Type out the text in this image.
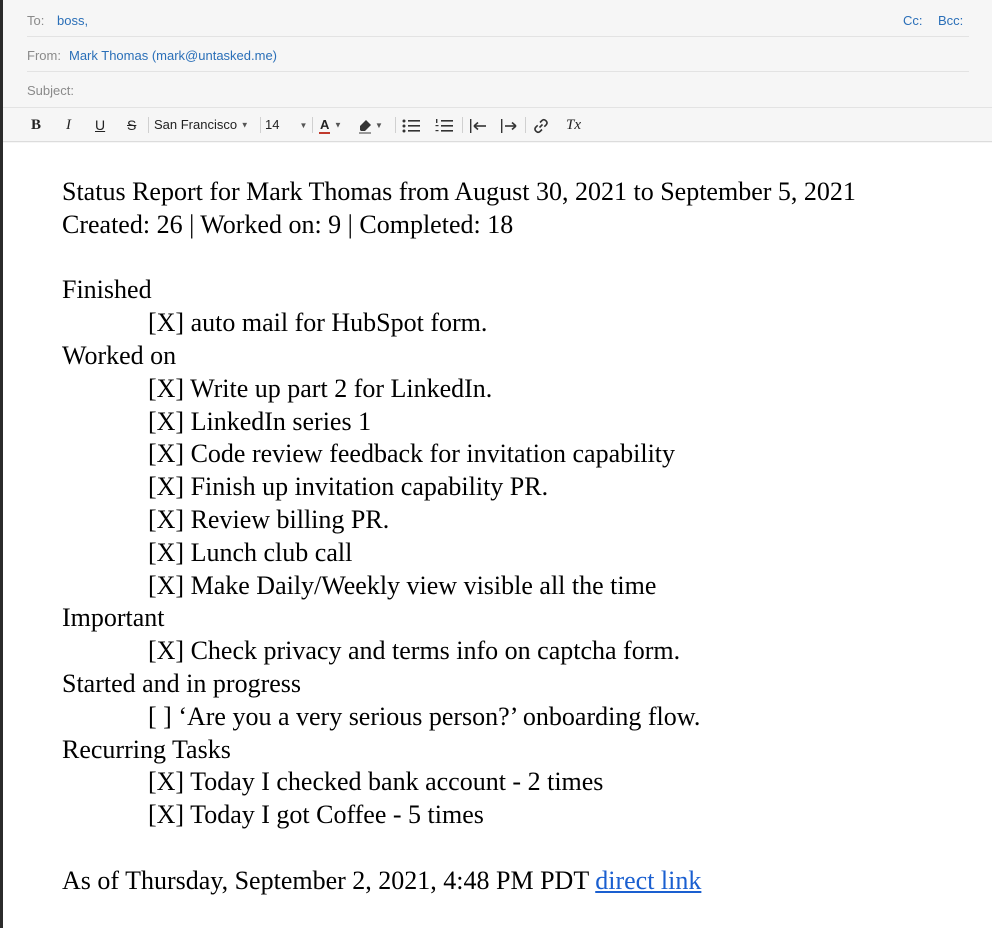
To: boss,	Cc: Bcc:
From: Mark Thomas (mark@untasked.me)
Subject:
B I U S San Francisco ▼ 14	▼ A ▼	▼	Tx
Status Report for Mark Thomas from August 30, 2021 to September 5, 2021
Created: 26 | Worked on: 9 | Completed: 18
Finished
[X] auto mail for HubSpot form.
Worked on
[X] Write up part 2 for LinkedIn.
[X] LinkedIn series 1
[X] Code review feedback for invitation capability
[X] Finish up invitation capability PR.
[X] Review billing PR.
[X] Lunch club call
[X] Make Daily/Weekly view visible all the time
Important
[X] Check privacy and terms info on captcha form.
Started and in progress
[ ] ‘Are you a very serious person?’ onboarding flow.
Recurring Tasks
[X] Today I checked bank account - 2 times
[X] Today I got Coffee - 5 times
As of Thursday, September 2, 2021, 4:48 PM PDT direct link
